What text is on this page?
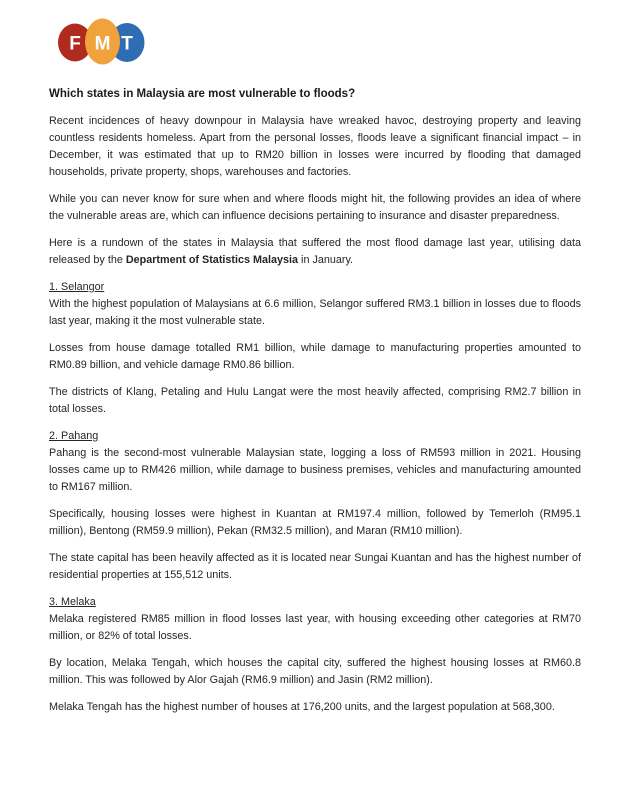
F M T
Which states in Malaysia are most vulnerable to floods?

Recent incidences of heavy downpour in Malaysia have wreaked havoc, destroying property and leaving countless residents homeless. Apart from the personal losses, floods leave a significant financial impact – in December, it was estimated that up to RM20 billion in losses were incurred by flooding that damaged households, private property, shops, warehouses and factories.

While you can never know for sure when and where floods might hit, the following provides an idea of where the vulnerable areas are, which can influence decisions pertaining to insurance and disaster preparedness.

Here is a rundown of the states in Malaysia that suffered the most flood damage last year, utilising data released by the Department of Statistics Malaysia in January.

1. Selangor

With the highest population of Malaysians at 6.6 million, Selangor suffered RM3.1 billion in losses due to floods last year, making it the most vulnerable state.

Losses from house damage totalled RM1 billion, while damage to manufacturing properties amounted to RM0.89 billion, and vehicle damage RM0.86 billion.

The districts of Klang, Petaling and Hulu Langat were the most heavily affected, comprising RM2.7 billion in total losses.

2. Pahang

Pahang is the second-most vulnerable Malaysian state, logging a loss of RM593 million in 2021. Housing losses came up to RM426 million, while damage to business premises, vehicles and manufacturing amounted to RM167 million.

Specifically, housing losses were highest in Kuantan at RM197.4 million, followed by Temerloh (RM95.1 million), Bentong (RM59.9 million), Pekan (RM32.5 million), and Maran (RM10 million).

The state capital has been heavily affected as it is located near Sungai Kuantan and has the highest number of residential properties at 155,512 units.

3. Melaka

Melaka registered RM85 million in flood losses last year, with housing exceeding other categories at RM70 million, or 82% of total losses.

By location, Melaka Tengah, which houses the capital city, suffered the highest housing losses at RM60.8 million. This was followed by Alor Gajah (RM6.9 million) and Jasin (RM2 million).

Melaka Tengah has the highest number of houses at 176,200 units, and the largest population at 568,300.
